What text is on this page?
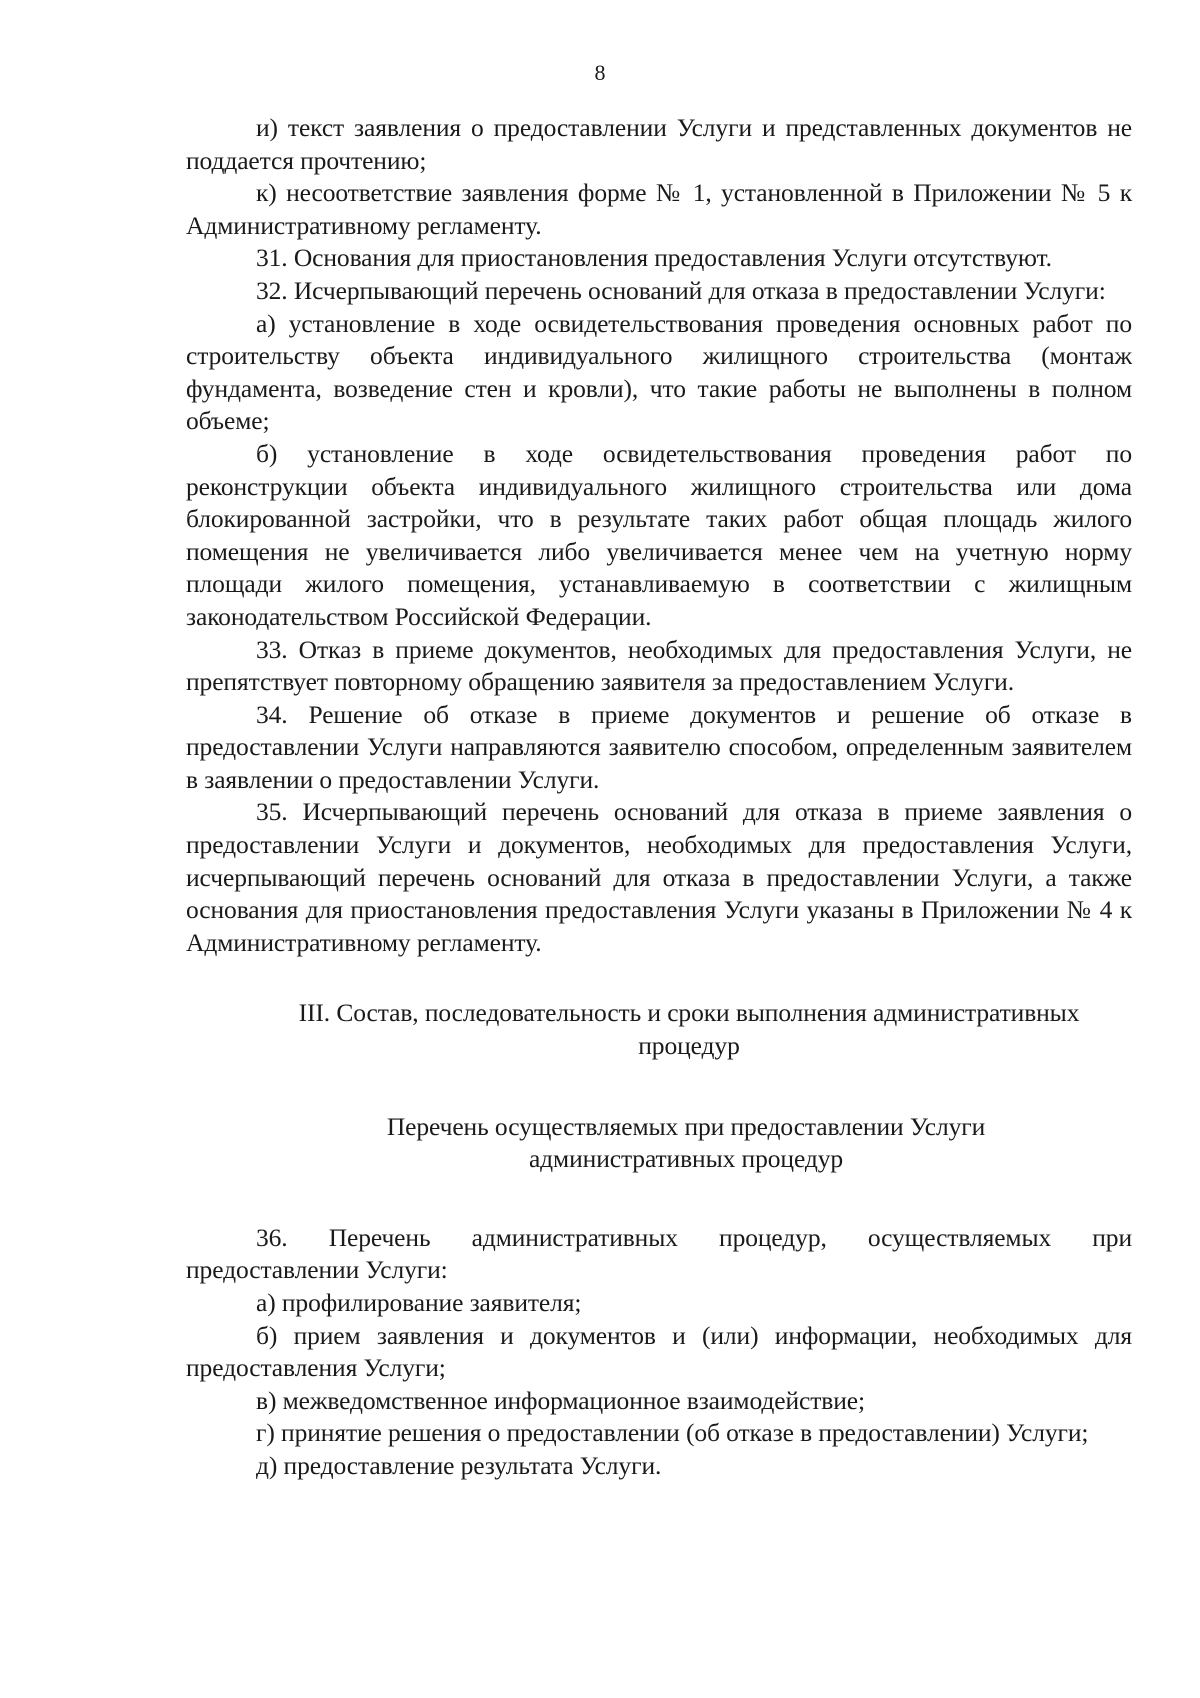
8

и) текст заявления о предоставлении Услуги и представленных документов не поддается прочтению;

к) несоответствие заявления форме № 1, установленной в Приложении № 5 к Административному регламенту.

31. Основания для приостановления предоставления Услуги отсутствуют.

32. Исчерпывающий перечень оснований для отказа в предоставлении Услуги:

а) установление в ходе освидетельствования проведения основных работ по строительству объекта индивидуального жилищного строительства (монтаж фундамента, возведение стен и кровли), что такие работы не выполнены в полном объеме;

б) установление в ходе освидетельствования проведения работ по реконструкции объекта индивидуального жилищного строительства или дома блокированной застройки, что в результате таких работ общая площадь жилого помещения не увеличивается либо увеличивается менее чем на учетную норму площади жилого помещения, устанавливаемую в соответствии с жилищным законодательством Российской Федерации.

33. Отказ в приеме документов, необходимых для предоставления Услуги, не препятствует повторному обращению заявителя за предоставлением Услуги.

34. Решение об отказе в приеме документов и решение об отказе в предоставлении Услуги направляются заявителю способом, определенным заявителем в заявлении о предоставлении Услуги.

35. Исчерпывающий перечень оснований для отказа в приеме заявления о предоставлении Услуги и документов, необходимых для предоставления Услуги, исчерпывающий перечень оснований для отказа в предоставлении Услуги, а также основания для приостановления предоставления Услуги указаны в Приложении № 4 к Административному регламенту.

III. Состав, последовательность и сроки выполнения административных процедур

Перечень осуществляемых при предоставлении Услуги административных процедур

36. Перечень административных процедур, осуществляемых при предоставлении Услуги:

а) профилирование заявителя;

б) прием заявления и документов и (или) информации, необходимых для предоставления Услуги;

в) межведомственное информационное взаимодействие;

г) принятие решения о предоставлении (об отказе в предоставлении) Услуги;

д) предоставление результата Услуги.
